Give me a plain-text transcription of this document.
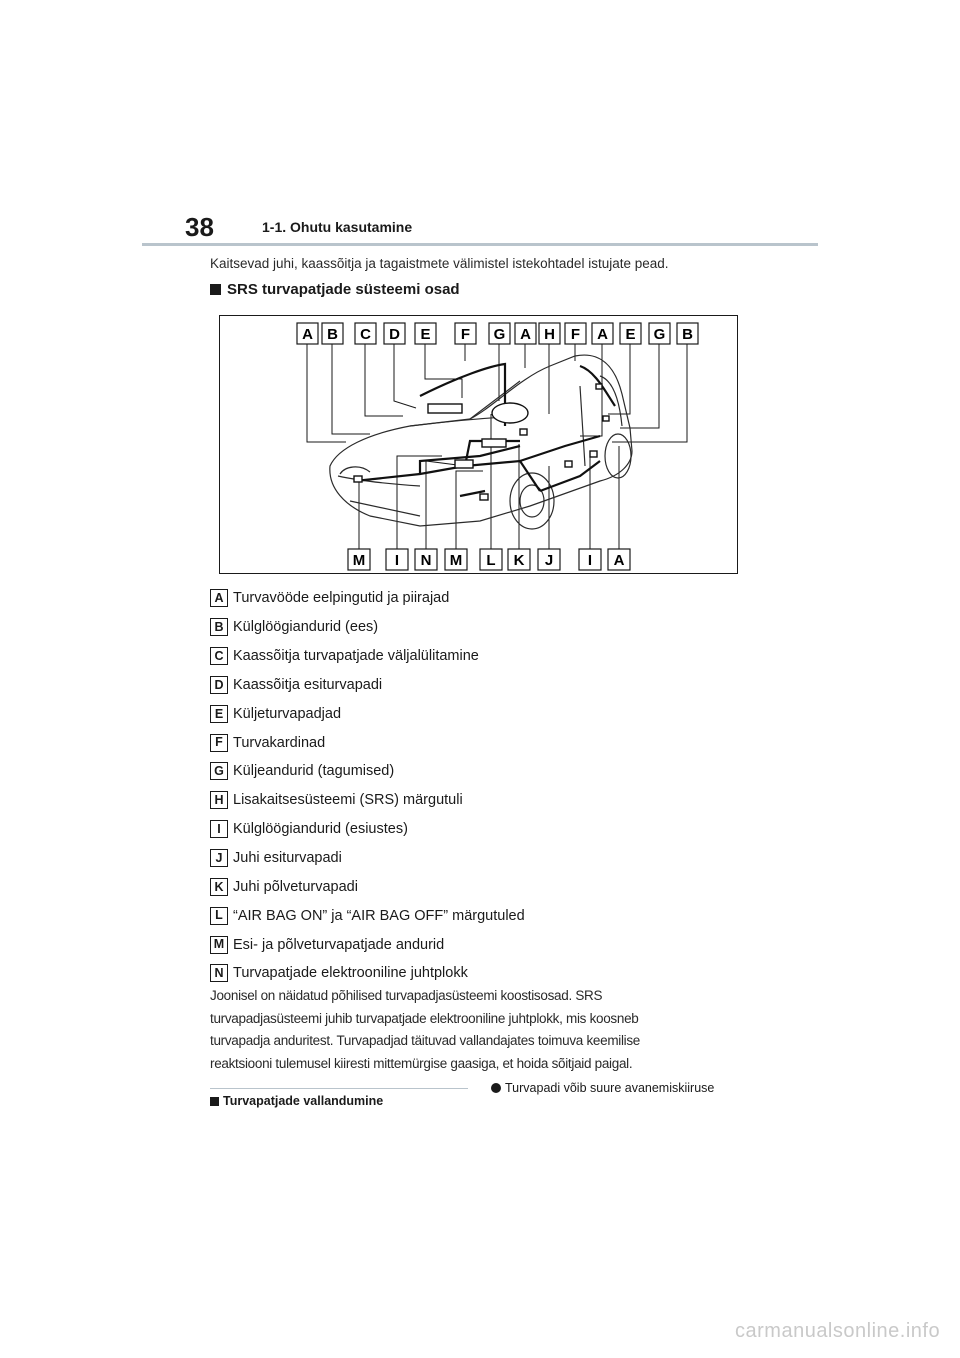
38	1-1. Ohutu kasutamine
Kaitsevad juhi, kaassõitja ja tagaistmete välimistel istekohtadel istujate pead.
SRS turvapatjade süsteemi osad
A B C D E F G A H F A E G B
M I N M L K J I A
A Turvavööde eelpingutid ja piirajad
B Külglöögiandurid (ees)
C Kaassõitja turvapatjade väljalülitamine
D Kaassõitja esiturvapadi
E Küljeturvapadjad
F Turvakardinad
G Küljeandurid (tagumised)
H Lisakaitsesüsteemi (SRS) märgutuli
I Külglöögiandurid (esiustes)
J Juhi esiturvapadi
K Juhi põlveturvapadi
L “AIR BAG ON” ja “AIR BAG OFF” märgutuled
M Esi- ja põlveturvapatjade andurid
N Turvapatjade elektrooniline juhtplokk

Joonisel on näidatud põhilised turvapadjasüsteemi koostisosad. SRS
turvapadjasüsteemi juhib turvapatjade elektrooniline juhtplokk, mis koosneb
turvapadja anduritest. Turvapadjad täituvad vallandajates toimuva keemilise
reaktsiooni tulemusel kiiresti mittemürgise gaasiga, et hoida sõitjaid paigal.

Turvapatjade vallandumine
Turvapadi võib suure avanemiskiiruse
carmanualsonline.info
